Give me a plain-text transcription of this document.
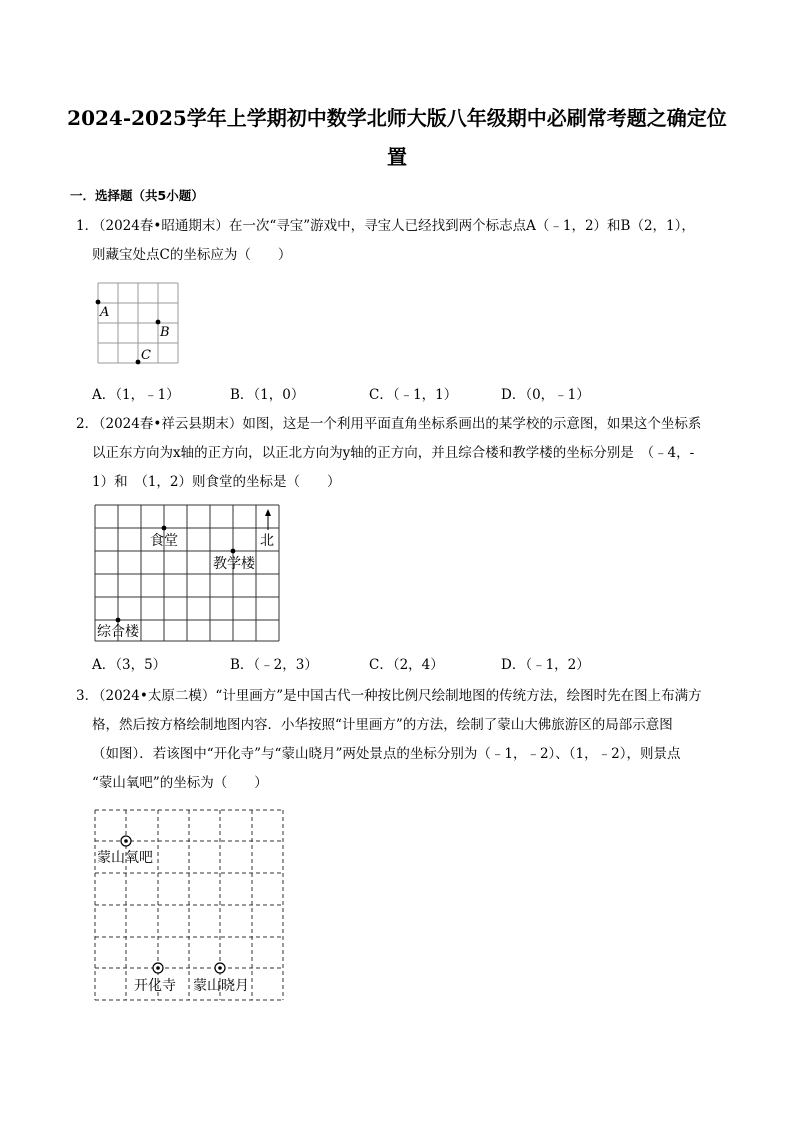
2024-2025学年上学期初中数学北师大版八年级期中必刷常考题之确定位
置
一．选择题（共5小题）
1．
（2024春•昭通期末）在一次“寻宝”游戏中，寻宝人已经找到两个标志点A（﹣1，2）和B（2，1），
则藏宝处点C的坐标应为（　　）
A
B
C
A．（1，﹣1）	B．（1，0）	C．（﹣1，1）	D．（0，﹣1）
2．
（2024春•祥云县期末）如图，这是一个利用平面直角坐标系画出的某学校的示意图，如果这个坐标系
以正东方向为x轴的正方向，以正北方向为y轴的正方向，并且综合楼和教学楼的坐标分别是　（﹣4，-
1）和　（1，2）则食堂的坐标是（　　）
食堂
教学楼
综合楼
北
A．（3，5）	B．（﹣2，3）	C．（2，4）	D．（﹣1，2）
3．
（2024•太原二模）“计里画方”是中国古代一种按比例尺绘制地图的传统方法，绘图时先在图上布满方
格，然后按方格绘制地图内容．小华按照“计里画方”的方法，绘制了蒙山大佛旅游区的局部示意图
（如图）．若该图中“开化寺”与“蒙山晓月”两处景点的坐标分别为（﹣1，﹣2）、（1，﹣2），则景点
“蒙山氧吧”的坐标为（　　）
蒙山氧吧
开化寺 蒙山晓月
